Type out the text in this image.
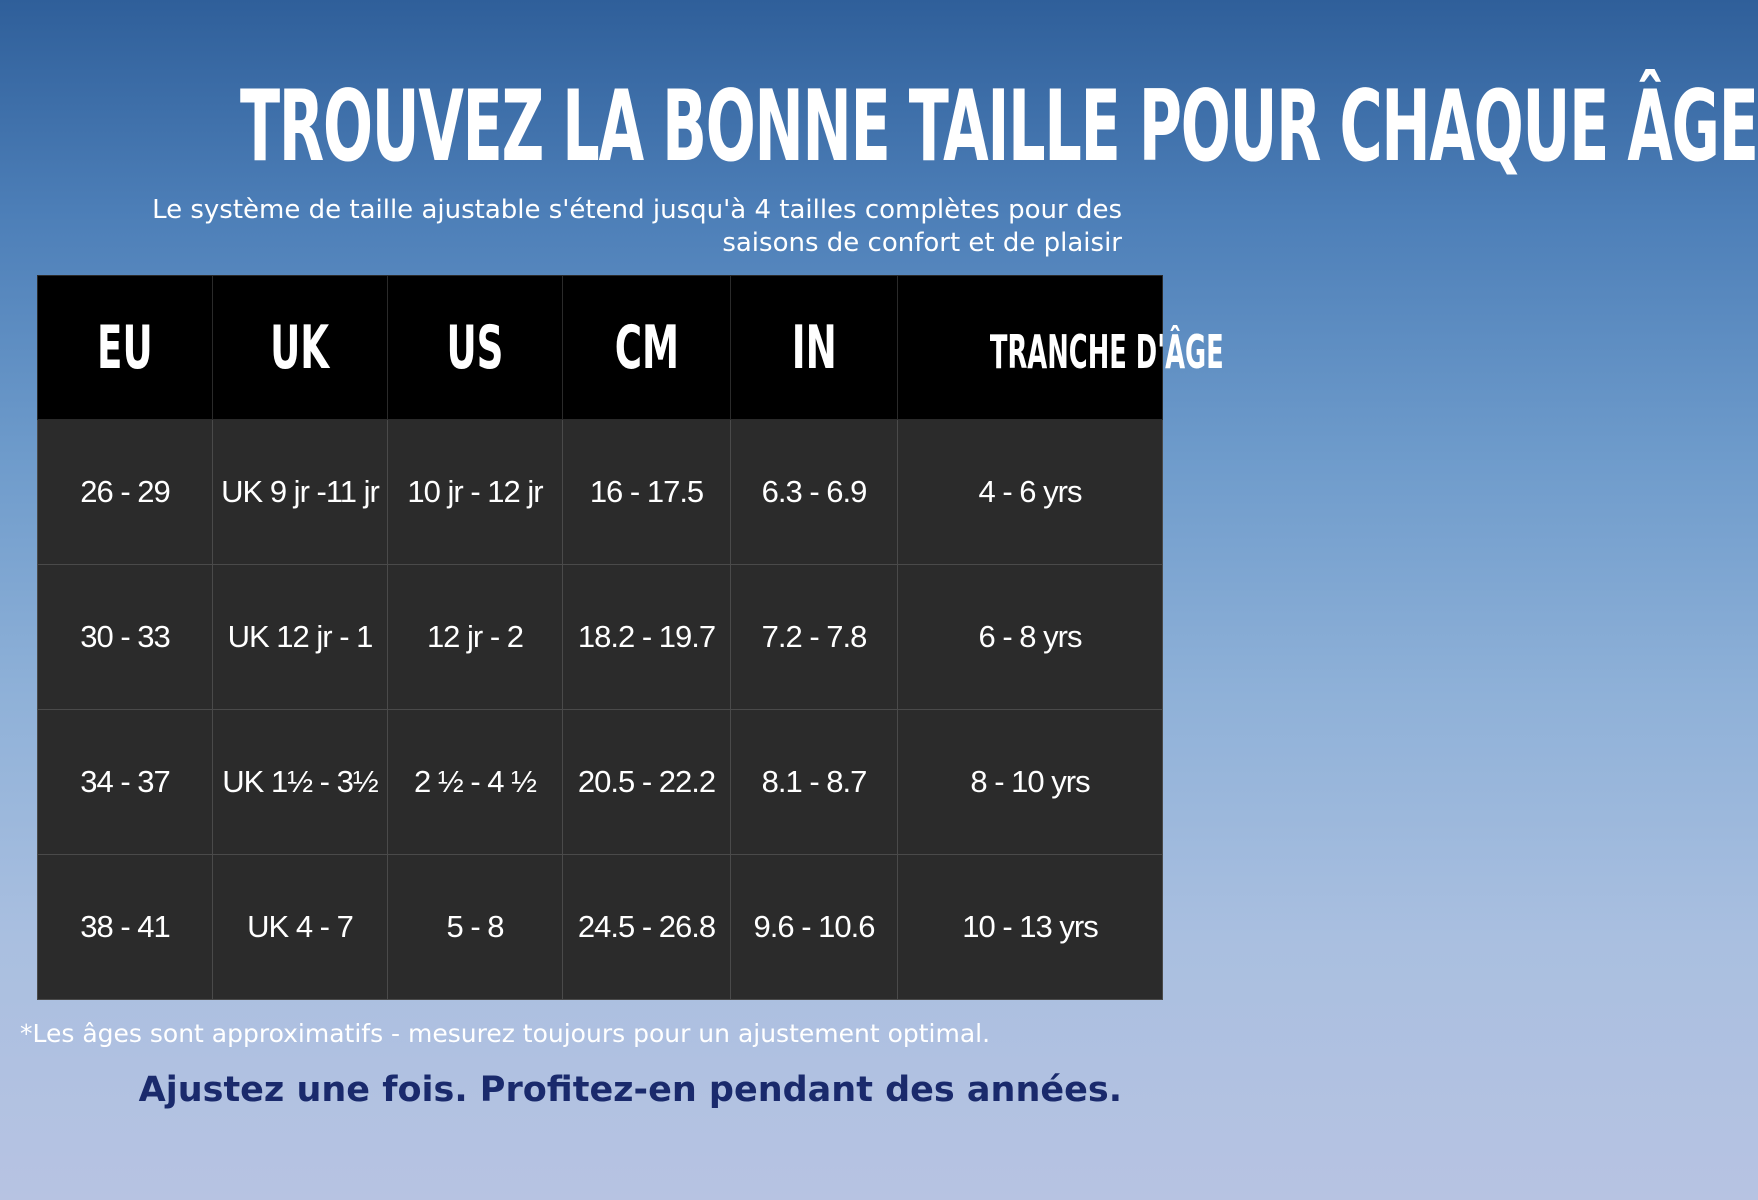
TROUVEZ LA BONNE TAILLE POUR CHAQUE ÂGE
Le système de taille ajustable s'étend jusqu'à 4 tailles complètes pour des
saisons de confort et de plaisir
EU	UK	US	CM	IN	TRANCHE D'ÂGE
26 - 29	UK 9 jr -11 jr	10 jr - 12 jr	16 - 17.5	6.3 - 6.9	4 - 6 yrs
30 - 33	UK 12 jr - 1	12 jr - 2	18.2 - 19.7	7.2 - 7.8	6 - 8 yrs
34 - 37	UK 1½ - 3½	2 ½ - 4 ½	20.5 - 22.2	8.1 - 8.7	8 - 10 yrs
38 - 41	UK 4 - 7	5 - 8	24.5 - 26.8	9.6 - 10.6	10 - 13 yrs
*Les âges sont approximatifs - mesurez toujours pour un ajustement optimal.
Ajustez une fois. Profitez-en pendant des années.
